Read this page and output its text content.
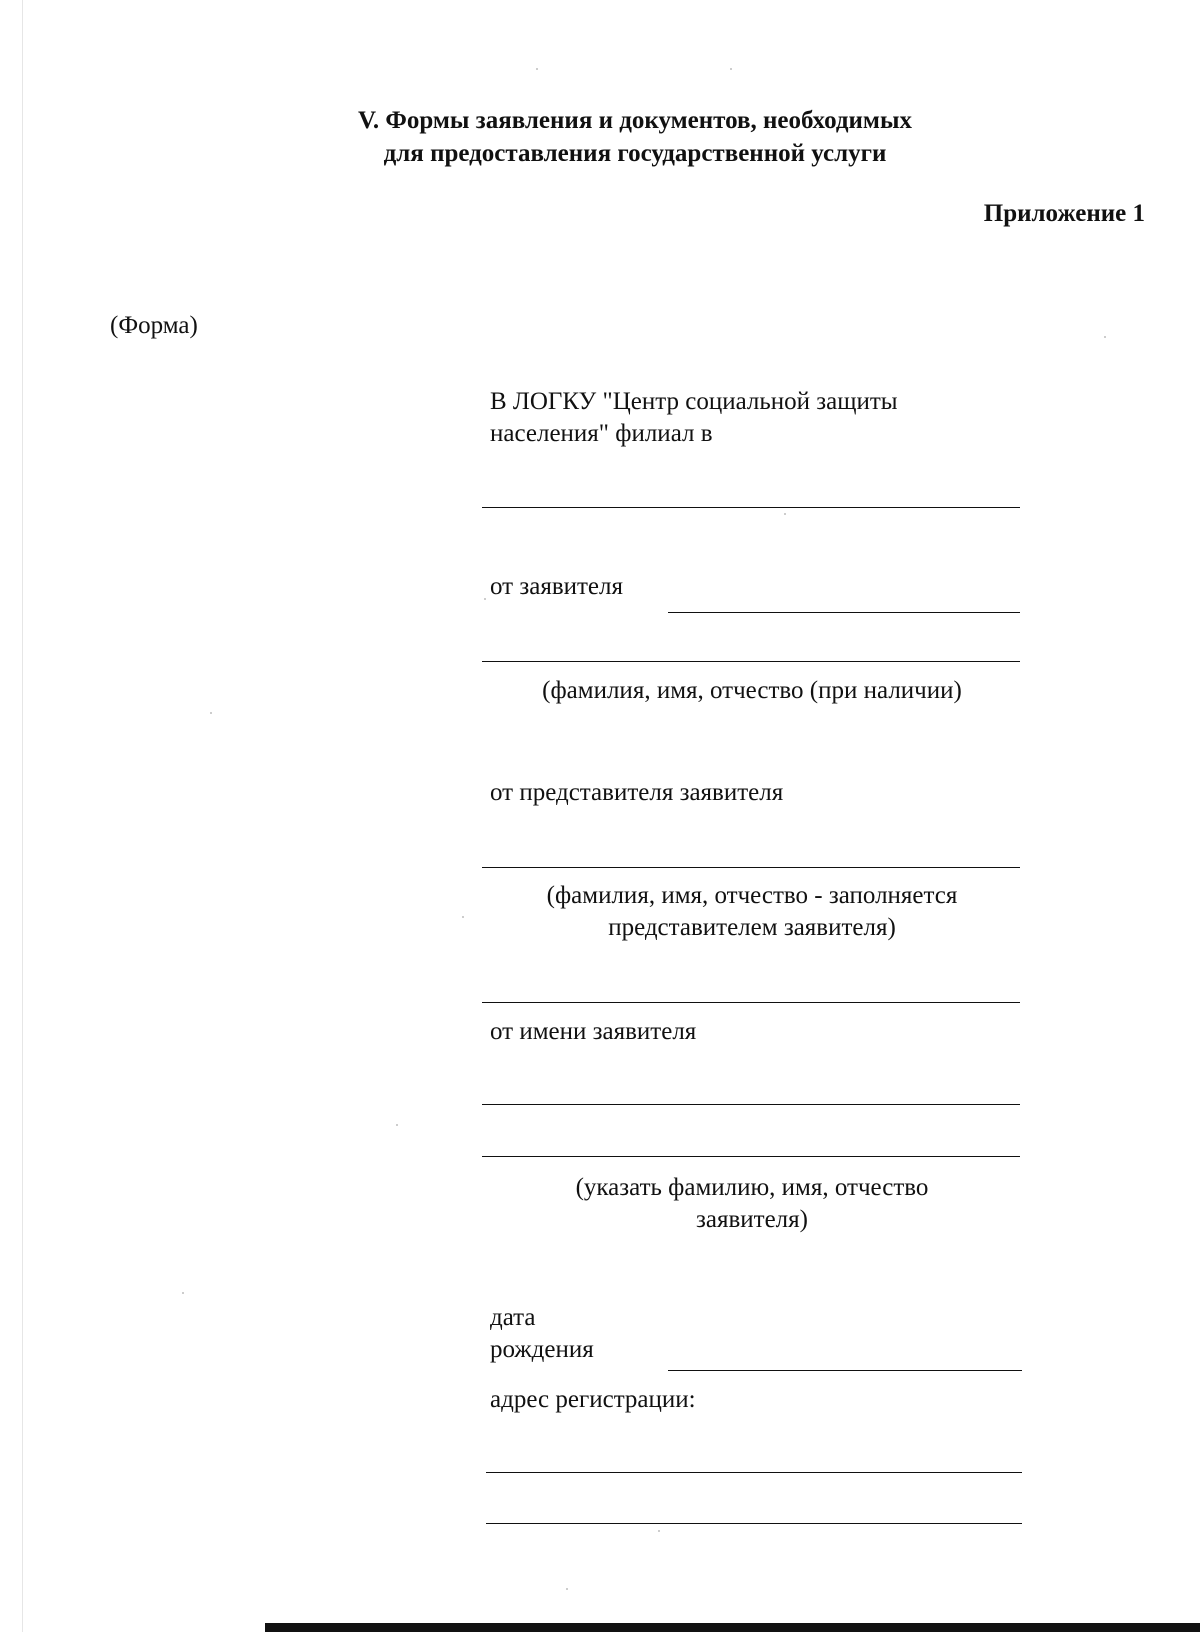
V. Формы заявления и документов, необходимых
для предоставления государственной услуги
Приложение 1
(Форма)
В ЛОГКУ "Центр социальной защиты
населения" филиал в
от заявителя
(фамилия, имя, отчество (при наличии)
от представителя заявителя
(фамилия, имя, отчество - заполняется
представителем заявителя)
от имени заявителя
(указать фамилию, имя, отчество
заявителя)
дата
рождения
адрес регистрации:
